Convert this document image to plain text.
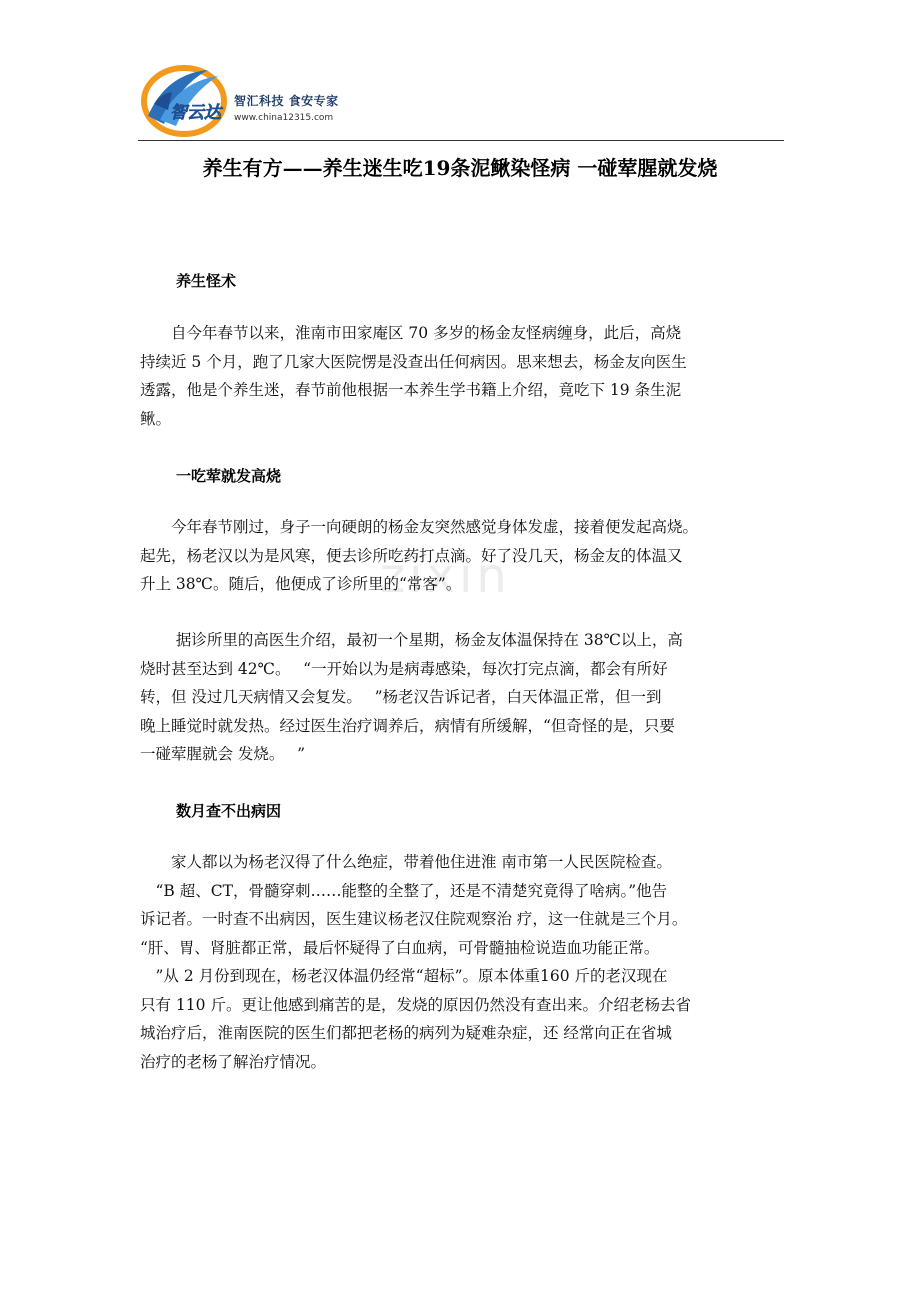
智云达
智汇科技 食安专家
www.china12315.com
养生有方——养生迷生吃19条泥鳅染怪病 一碰荤腥就发烧
zixin
养生怪术
　　自今年春节以来，淮南市田家庵区 70 多岁的杨金友怪病缠身，此后，高烧
持续近 5 个月，跑了几家大医院愣是没查出任何病因。思来想去，杨金友向医生
透露，他是个养生迷，春节前他根据一本养生学书籍上介绍，竟吃下 19 条生泥
鳅。
一吃荤就发高烧
　　今年春节刚过，身子一向硬朗的杨金友突然感觉身体发虚，接着便发起高烧。
起先，杨老汉以为是风寒，便去诊所吃药打点滴。好了没几天，杨金友的体温又
升上 38℃。随后，他便成了诊所里的“常客”。
　　 据诊所里的高医生介绍，最初一个星期，杨金友体温保持在 38℃以上，高
烧时甚至达到 42℃。　 “一开始以为是病毒感染，每次打完点滴，都会有所好
转，但 没过几天病情又会复发。　 ”杨老汉告诉记者，白天体温正常，但一到
晚上睡觉时就发热。经过医生治疗调养后，病情有所缓解，“但奇怪的是，只要
一碰荤腥就会 发烧。　 ”
数月查不出病因
　　家人都以为杨老汉得了什么绝症，带着他住进淮 南市第一人民医院检查。
　“B 超、CT，骨髓穿刺……能整的全整了，还是不清楚究竟得了啥病。”他告
诉记者。一时查不出病因，医生建议杨老汉住院观察治 疗，这一住就是三个月。
“肝、胃、肾脏都正常，最后怀疑得了白血病，可骨髓抽检说造血功能正常。
　”从 2 月份到现在，杨老汉体温仍经常“超标”。原本体重160 斤的老汉现在
只有 110 斤。更让他感到痛苦的是，发烧的原因仍然没有查出来。介绍老杨去省
城治疗后，淮南医院的医生们都把老杨的病列为疑难杂症，还 经常向正在省城
治疗的老杨了解治疗情况。
